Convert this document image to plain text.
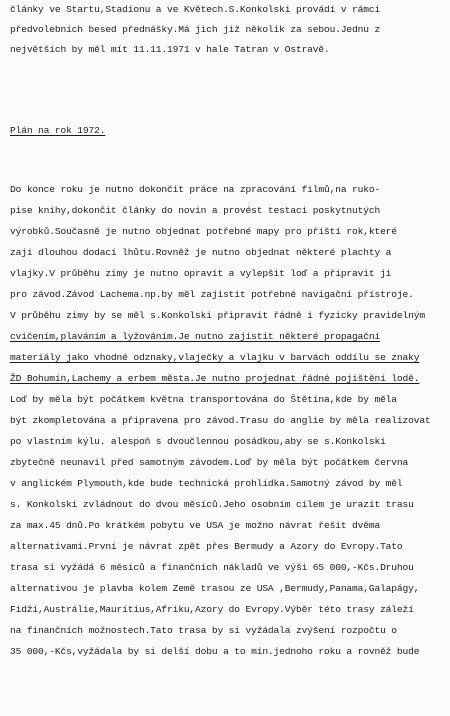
články ve Startu,Stadionu a ve Květech.S.Konkolski provádí v rámci
předvolebních besed přednášky.Má jich již několik za sebou.Jednu z
největších by měl mít 11.11.1971 v hale Tatran v Ostravě.
Plán na rok 1972.
Do konce roku je nutno dokončit práce na zpracování filmů,na ruko-
pise knihy,dokončit články do novin a provést testaci poskytnutých
výrobků.Současně je nutno objednat potřebné mapy pro příští rok,které
zaji dlouhou dodací lhůtu.Rovněž je nutno objednat některé plachty a
vlajky.V průběhu zimy je nutno opravit a vylepšit loď a připravit ji
pro závod.Závod Lachema.np.by měl zajistit potřebné navigační přístroje.
V průběhu zimy by se měl s.Konkolski připravit řádně i fyzicky pravidelným
cvičením,plaváním a lyžováním.Je nutno zajistit některé propagační
materiály jako vhodné odznaky,vlaječky a vlajku v barvách oddílu se znaky
ŽD Bohumín,Lachemy a erbem města.Je nutno projednat řádné pojištění lodě.
Loď by měla být počátkem května transportována do Štětína,kde by měla
být zkompletována a připravena pro závod.Trasu do anglie by měla realizovat
po vlastním kýlu. alespoň s dvoučlennou posádkou,aby se s.Konkolski
zbytečně neunavil před samotným závodem.Loď by měla být počátkem června
v anglickém Plymouth,kde bude technická prohlídka.Samotný závod by měl
s. Konkolski zvládnout do dvou měsíců.Jeho osobním cílem je urazit trasu
za max.45 dnů.Po krátkém pobytu ve USA je možno návrat řešit dvěma
alternativami.První je návrat zpět přes Bermudy a Azory do Evropy.Tato
trasa si vyžádá 6 měsíců a finančních nákladů ve výši 65 000,-Kčs.Druhou
alternativou je plavba kolem Země trasou ze USA ,Bermudy,Panama,Galapágy,
Fidži,Austrálie,Mauritius,Afriku,Azory do Evropy.Výběr této trasy záleží
na finančních možnostech.Tato trasa by si vyžádala zvýšení rozpočtu o
35 000,-Kčs,vyžádala by si delší dobu a to min.jednoho roku a rovněž bude
